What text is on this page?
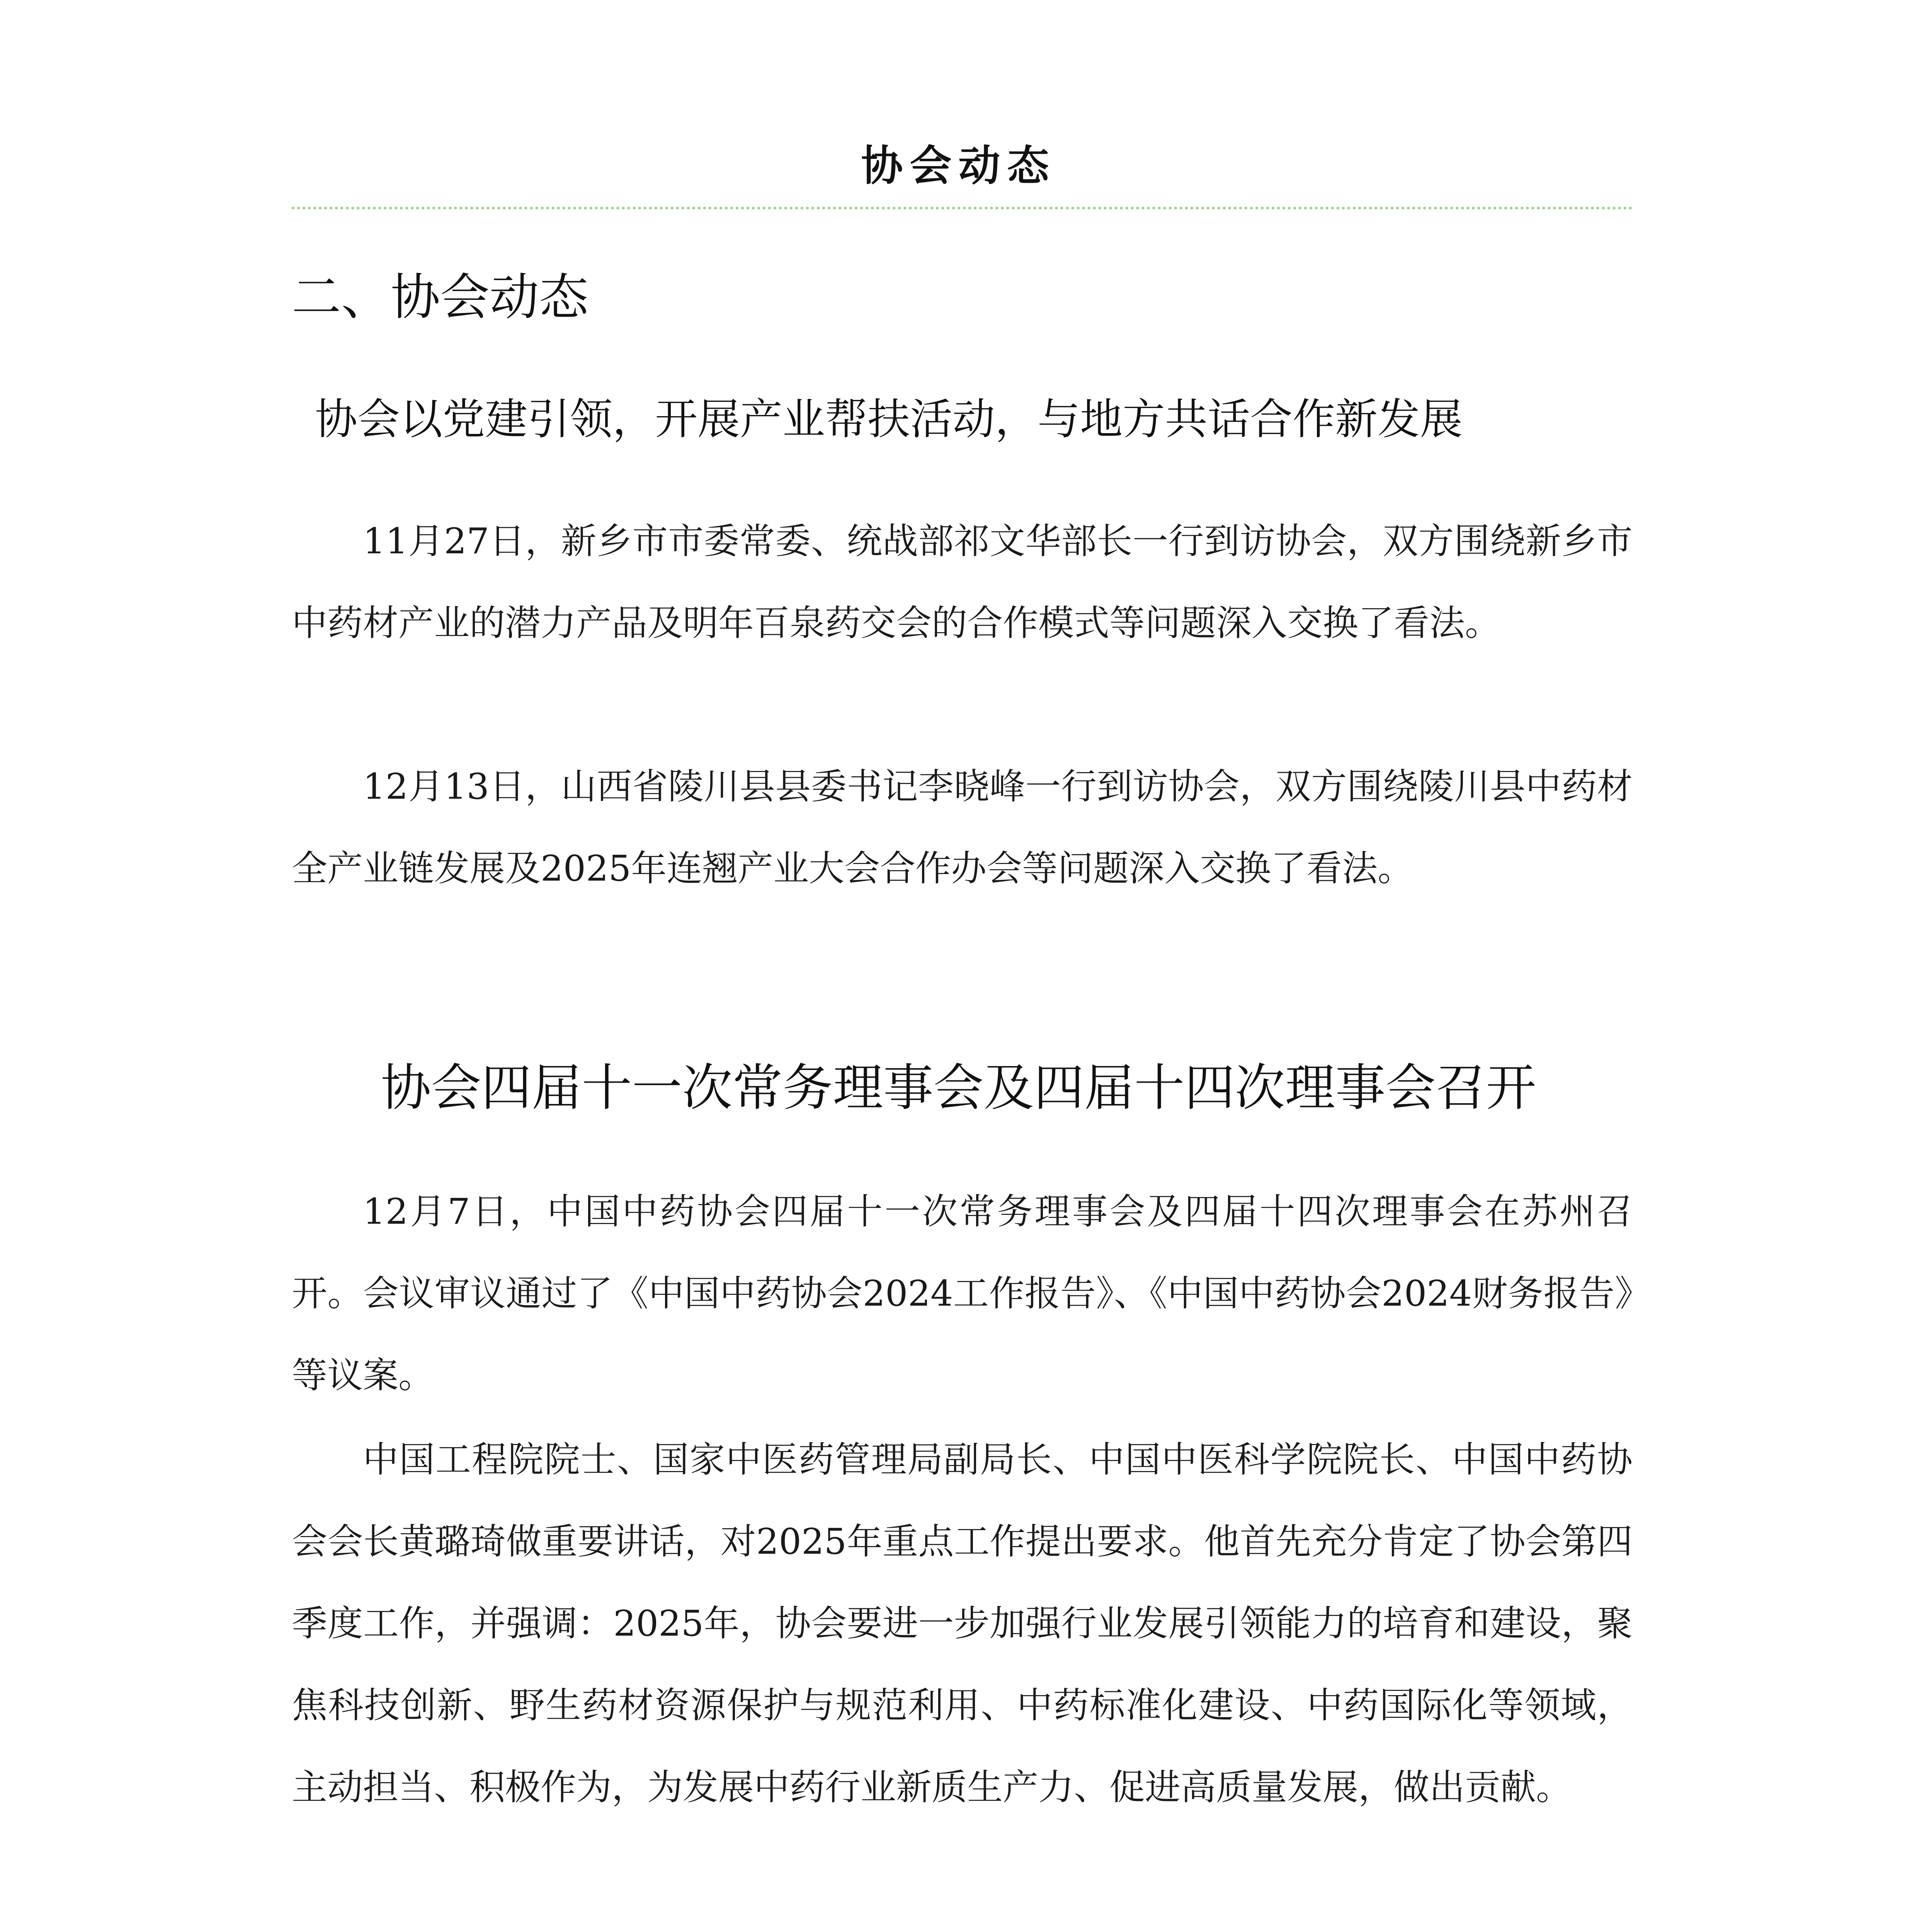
协会动态
二、协会动态
协会以党建引领，开展产业帮扶活动，与地方共话合作新发展

11月27日，新乡市市委常委、统战部祁文华部长一行到访协会，双方围绕新乡市中药材产业的潜力产品及明年百泉药交会的合作模式等问题深入交换了看法。

12月13日，山西省陵川县县委书记李晓峰一行到访协会，双方围绕陵川县中药材全产业链发展及2025年连翘产业大会合作办会等问题深入交换了看法。

协会四届十一次常务理事会及四届十四次理事会召开

12月7日，中国中药协会四届十一次常务理事会及四届十四次理事会在苏州召开。会议审议通过了《中国中药协会2024工作报告》、《中国中药协会2024财务报告》等议案。

中国工程院院士、国家中医药管理局副局长、中国中医科学院院长、中国中药协会会长黄璐琦做重要讲话，对2025年重点工作提出要求。他首先充分肯定了协会第四季度工作，并强调：2025年，协会要进一步加强行业发展引领能力的培育和建设，聚焦科技创新、野生药材资源保护与规范利用、中药标准化建设、中药国际化等领域，主动担当、积极作为，为发展中药行业新质生产力、促进高质量发展，做出贡献。
